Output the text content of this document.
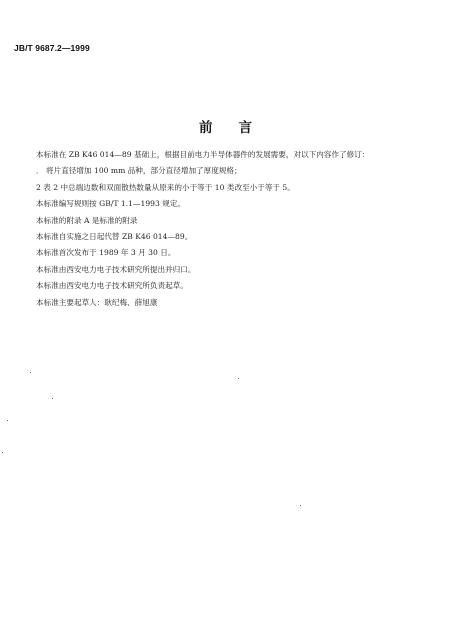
JB/T 9687.2—1999
前言
本标准在 ZB K46 014—89 基础上，根据目前电力半导体器件的发展需要，对以下内容作了修订：
． 将片直径增加 100 mm 品种，部分直径增加了厚度规格；
2 表 2 中总端边数和双面散热数量从原来的小于等于 10 类改至小于等于 5。
本标准编写规则按 GB/T 1.1—1993 规定。
本标准的附录 A 是标准的附录
本标准自实施之日起代替 ZB K46 014—89。
本标准首次发布于 1989 年 3 月 30 日。
本标准由西安电力电子技术研究所提出并归口。
本标准由西安电力电子技术研究所负责起草。
本标准主要起草人：耿纪梅、薛旭康
